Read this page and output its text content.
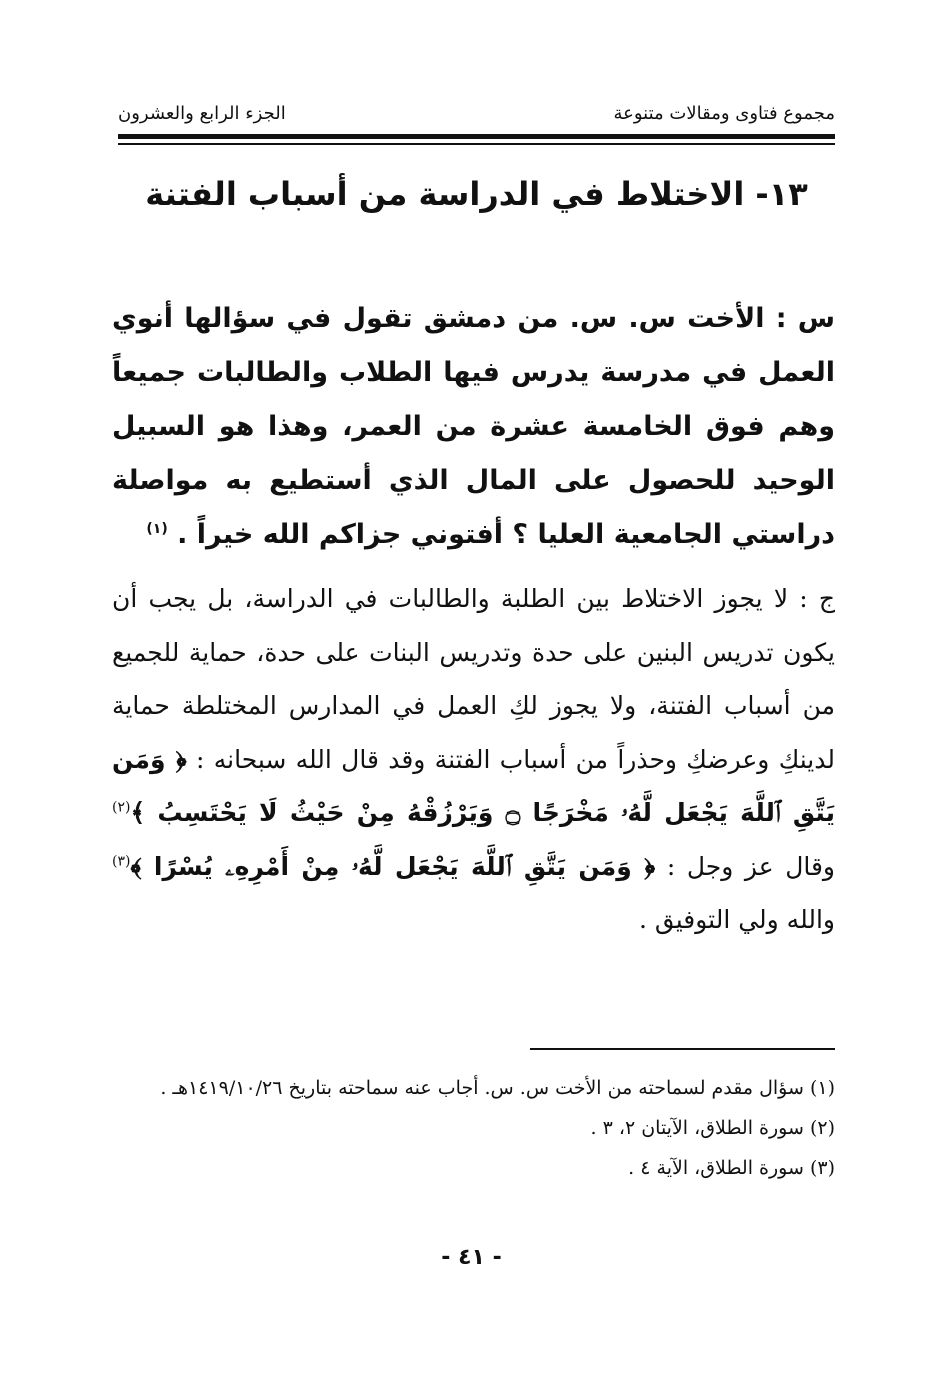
مجموع فتاوى ومقالات متنوعة
الجزء الرابع والعشرون
١٣- الاختلاط في الدراسة من أسباب الفتنة
س : الأخت س. س. من دمشق تقول في سؤالها أنوي العمل في مدرسة يدرس فيها الطلاب والطالبات جميعاً وهم فوق الخامسة عشرة من العمر، وهذا هو السبيل الوحيد للحصول على المال الذي أستطيع به مواصلة دراستي الجامعية العليا ؟ أفتوني جزاكم الله خيراً . $^{(١)}$
ج : لا يجوز الاختلاط بين الطلبة والطالبات في الدراسة، بل يجب أن يكون تدريس البنين على حدة وتدريس البنات على حدة، حماية للجميع من أسباب الفتنة، ولا يجوز لكِ العمل في المدارس المختلطة حماية لدينكِ وعرضكِ وحذراً من أسباب الفتنة وقد قال الله سبحانه : ﴿ وَمَن يَتَّقِ ٱللَّهَ يَجْعَل لَّهُۥ مَخْرَجًا ۝ وَيَرْزُقْهُ مِنْ حَيْثُ لَا يَحْتَسِبُ ﴾$^{(٢)}$ وقال عز وجل : ﴿ وَمَن يَتَّقِ ٱللَّهَ يَجْعَل لَّهُۥ مِنْ أَمْرِهِۦ يُسْرًا ﴾$^{(٣)}$ والله ولي التوفيق .
(١) سؤال مقدم لسماحته من الأخت س. س. أجاب عنه سماحته بتاريخ ١٤١٩/١٠/٢٦هـ .
(٢) سورة الطلاق، الآيتان ٢، ٣ .
(٣) سورة الطلاق، الآية ٤ .
- ٤١ -
